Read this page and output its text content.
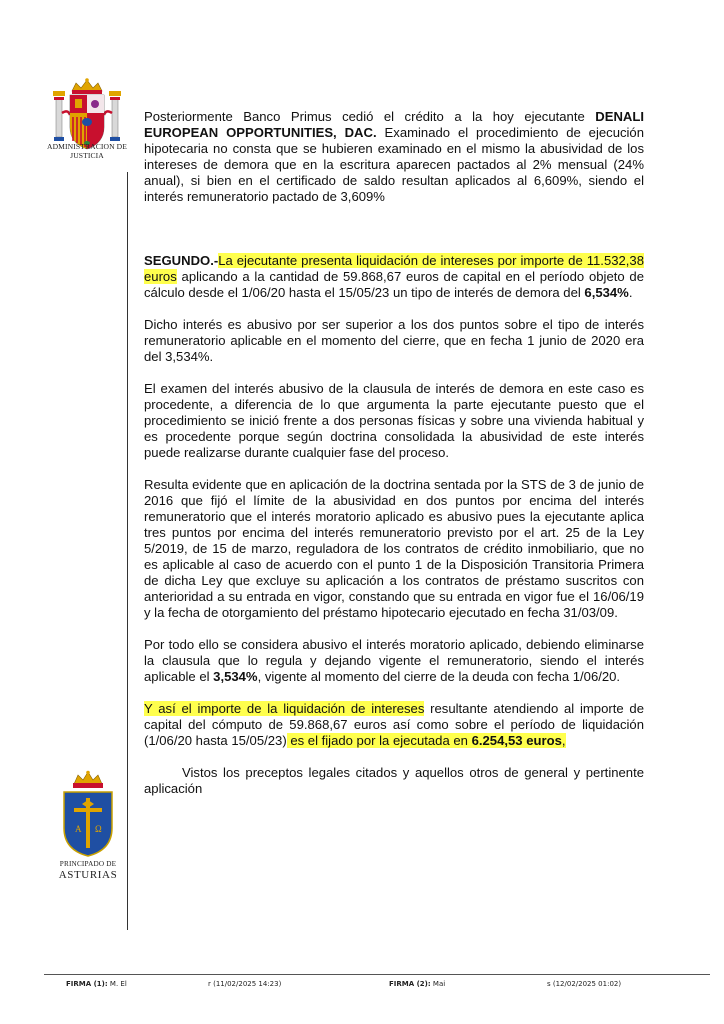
ADMINISTRACION DE JUSTICIA

Posteriormente Banco Primus cedió el crédito a la hoy ejecutante DENALI EUROPEAN OPPORTUNITIES, DAC. Examinado el procedimiento de ejecución hipotecaria no consta que se hubieren examinado en el mismo la abusividad de los intereses de demora que en la escritura aparecen pactados al 2% mensual (24% anual), si bien en el certificado de saldo resultan aplicados al 6,609%, siendo el interés remuneratorio pactado de 3,609%

SEGUNDO.-La ejecutante presenta liquidación de intereses por importe de 11.532,38 euros aplicando a la cantidad de 59.868,67 euros de capital en el período objeto de cálculo desde el 1/06/20 hasta el 15/05/23 un tipo de interés de demora del 6,534%.

Dicho interés es abusivo por ser superior a los dos puntos sobre el tipo de interés remuneratorio aplicable en el momento del cierre, que en fecha 1 junio de 2020 era del 3,534%.

El examen del interés abusivo de la clausula de interés de demora en este caso es procedente, a diferencia de lo que argumenta la parte ejecutante puesto que el procedimiento se inició frente a dos personas físicas y sobre una vivienda habitual y es procedente porque según doctrina consolidada la abusividad de este interés puede realizarse durante cualquier fase del proceso.

Resulta evidente que en aplicación de la doctrina sentada por la STS de 3 de junio de 2016 que fijó el límite de la abusividad en dos puntos por encima del interés remuneratorio que el interés moratorio aplicado es abusivo pues la ejecutante aplica tres puntos por encima del interés remuneratorio previsto por el art. 25 de la Ley 5/2019, de 15 de marzo, reguladora de los contratos de crédito inmobiliario, que no es aplicable al caso de acuerdo con el punto 1 de la Disposición Transitoria Primera de dicha Ley que excluye su aplicación a los contratos de préstamo suscritos con anterioridad a su entrada en vigor, constando que su entrada en vigor fue el 16/06/19 y la fecha de otorgamiento del préstamo hipotecario ejecutado en fecha 31/03/09.

Por todo ello se considera abusivo el interés moratorio aplicado, debiendo eliminarse la clausula que lo regula y dejando vigente el remuneratorio, siendo el interés aplicable el 3,534%, vigente al momento del cierre de la deuda con fecha 1/06/20.

Y así el importe de la liquidación de intereses resultante atendiendo al importe de capital del cómputo de 59.868,67 euros así como sobre el período de liquidación (1/06/20 hasta 15/05/23) es el fijado por la ejecutada en 6.254,53 euros,

Vistos los preceptos legales citados y aquellos otros de general y pertinente aplicación

A Ω
PRINCIPADO DE
ASTURIAS
FIRMA (1): M. El	r (11/02/2025 14:23)	FIRMA (2): Mai	s (12/02/2025 01:02)
